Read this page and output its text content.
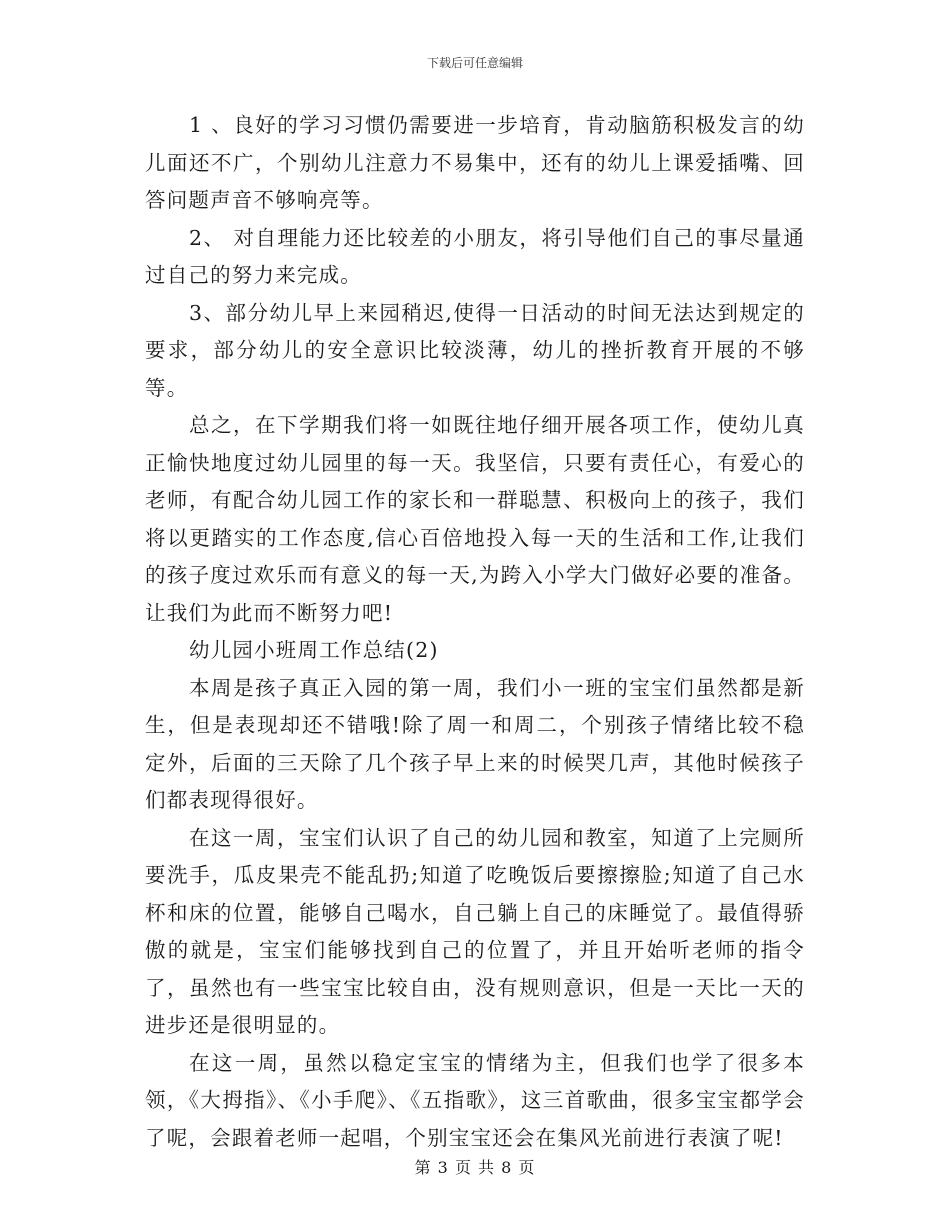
下载后可任意编辑

1 、良好的学习习惯仍需要进一步培育，肯动脑筋积极发言的幼儿面还不广，个别幼儿注意力不易集中，还有的幼儿上课爱插嘴、回答问题声音不够响亮等。

2、 对自理能力还比较差的小朋友，将引导他们自己的事尽量通过自己的努力来完成。

3、部分幼儿早上来园稍迟,使得一日活动的时间无法达到规定的要求，部分幼儿的安全意识比较淡薄，幼儿的挫折教育开展的不够等。

总之，在下学期我们将一如既往地仔细开展各项工作，使幼儿真正愉快地度过幼儿园里的每一天。我坚信，只要有责任心，有爱心的老师，有配合幼儿园工作的家长和一群聪慧、积极向上的孩子，我们将以更踏实的工作态度,信心百倍地投入每一天的生活和工作,让我们的孩子度过欢乐而有意义的每一天,为跨入小学大门做好必要的准备。让我们为此而不断努力吧!

幼儿园小班周工作总结(2)

本周是孩子真正入园的第一周，我们小一班的宝宝们虽然都是新生，但是表现却还不错哦!除了周一和周二，个别孩子情绪比较不稳定外，后面的三天除了几个孩子早上来的时候哭几声，其他时候孩子们都表现得很好。

在这一周，宝宝们认识了自己的幼儿园和教室，知道了上完厕所要洗手，瓜皮果壳不能乱扔;知道了吃晚饭后要擦擦脸;知道了自己水杯和床的位置，能够自己喝水，自己躺上自己的床睡觉了。最值得骄傲的就是，宝宝们能够找到自己的位置了，并且开始听老师的指令了，虽然也有一些宝宝比较自由，没有规则意识，但是一天比一天的进步还是很明显的。

在这一周，虽然以稳定宝宝的情绪为主，但我们也学了很多本领，《大拇指》、《小手爬》、《五指歌》，这三首歌曲，很多宝宝都学会了呢，会跟着老师一起唱，个别宝宝还会在集风光前进行表演了呢!

第 3 页 共 8 页
